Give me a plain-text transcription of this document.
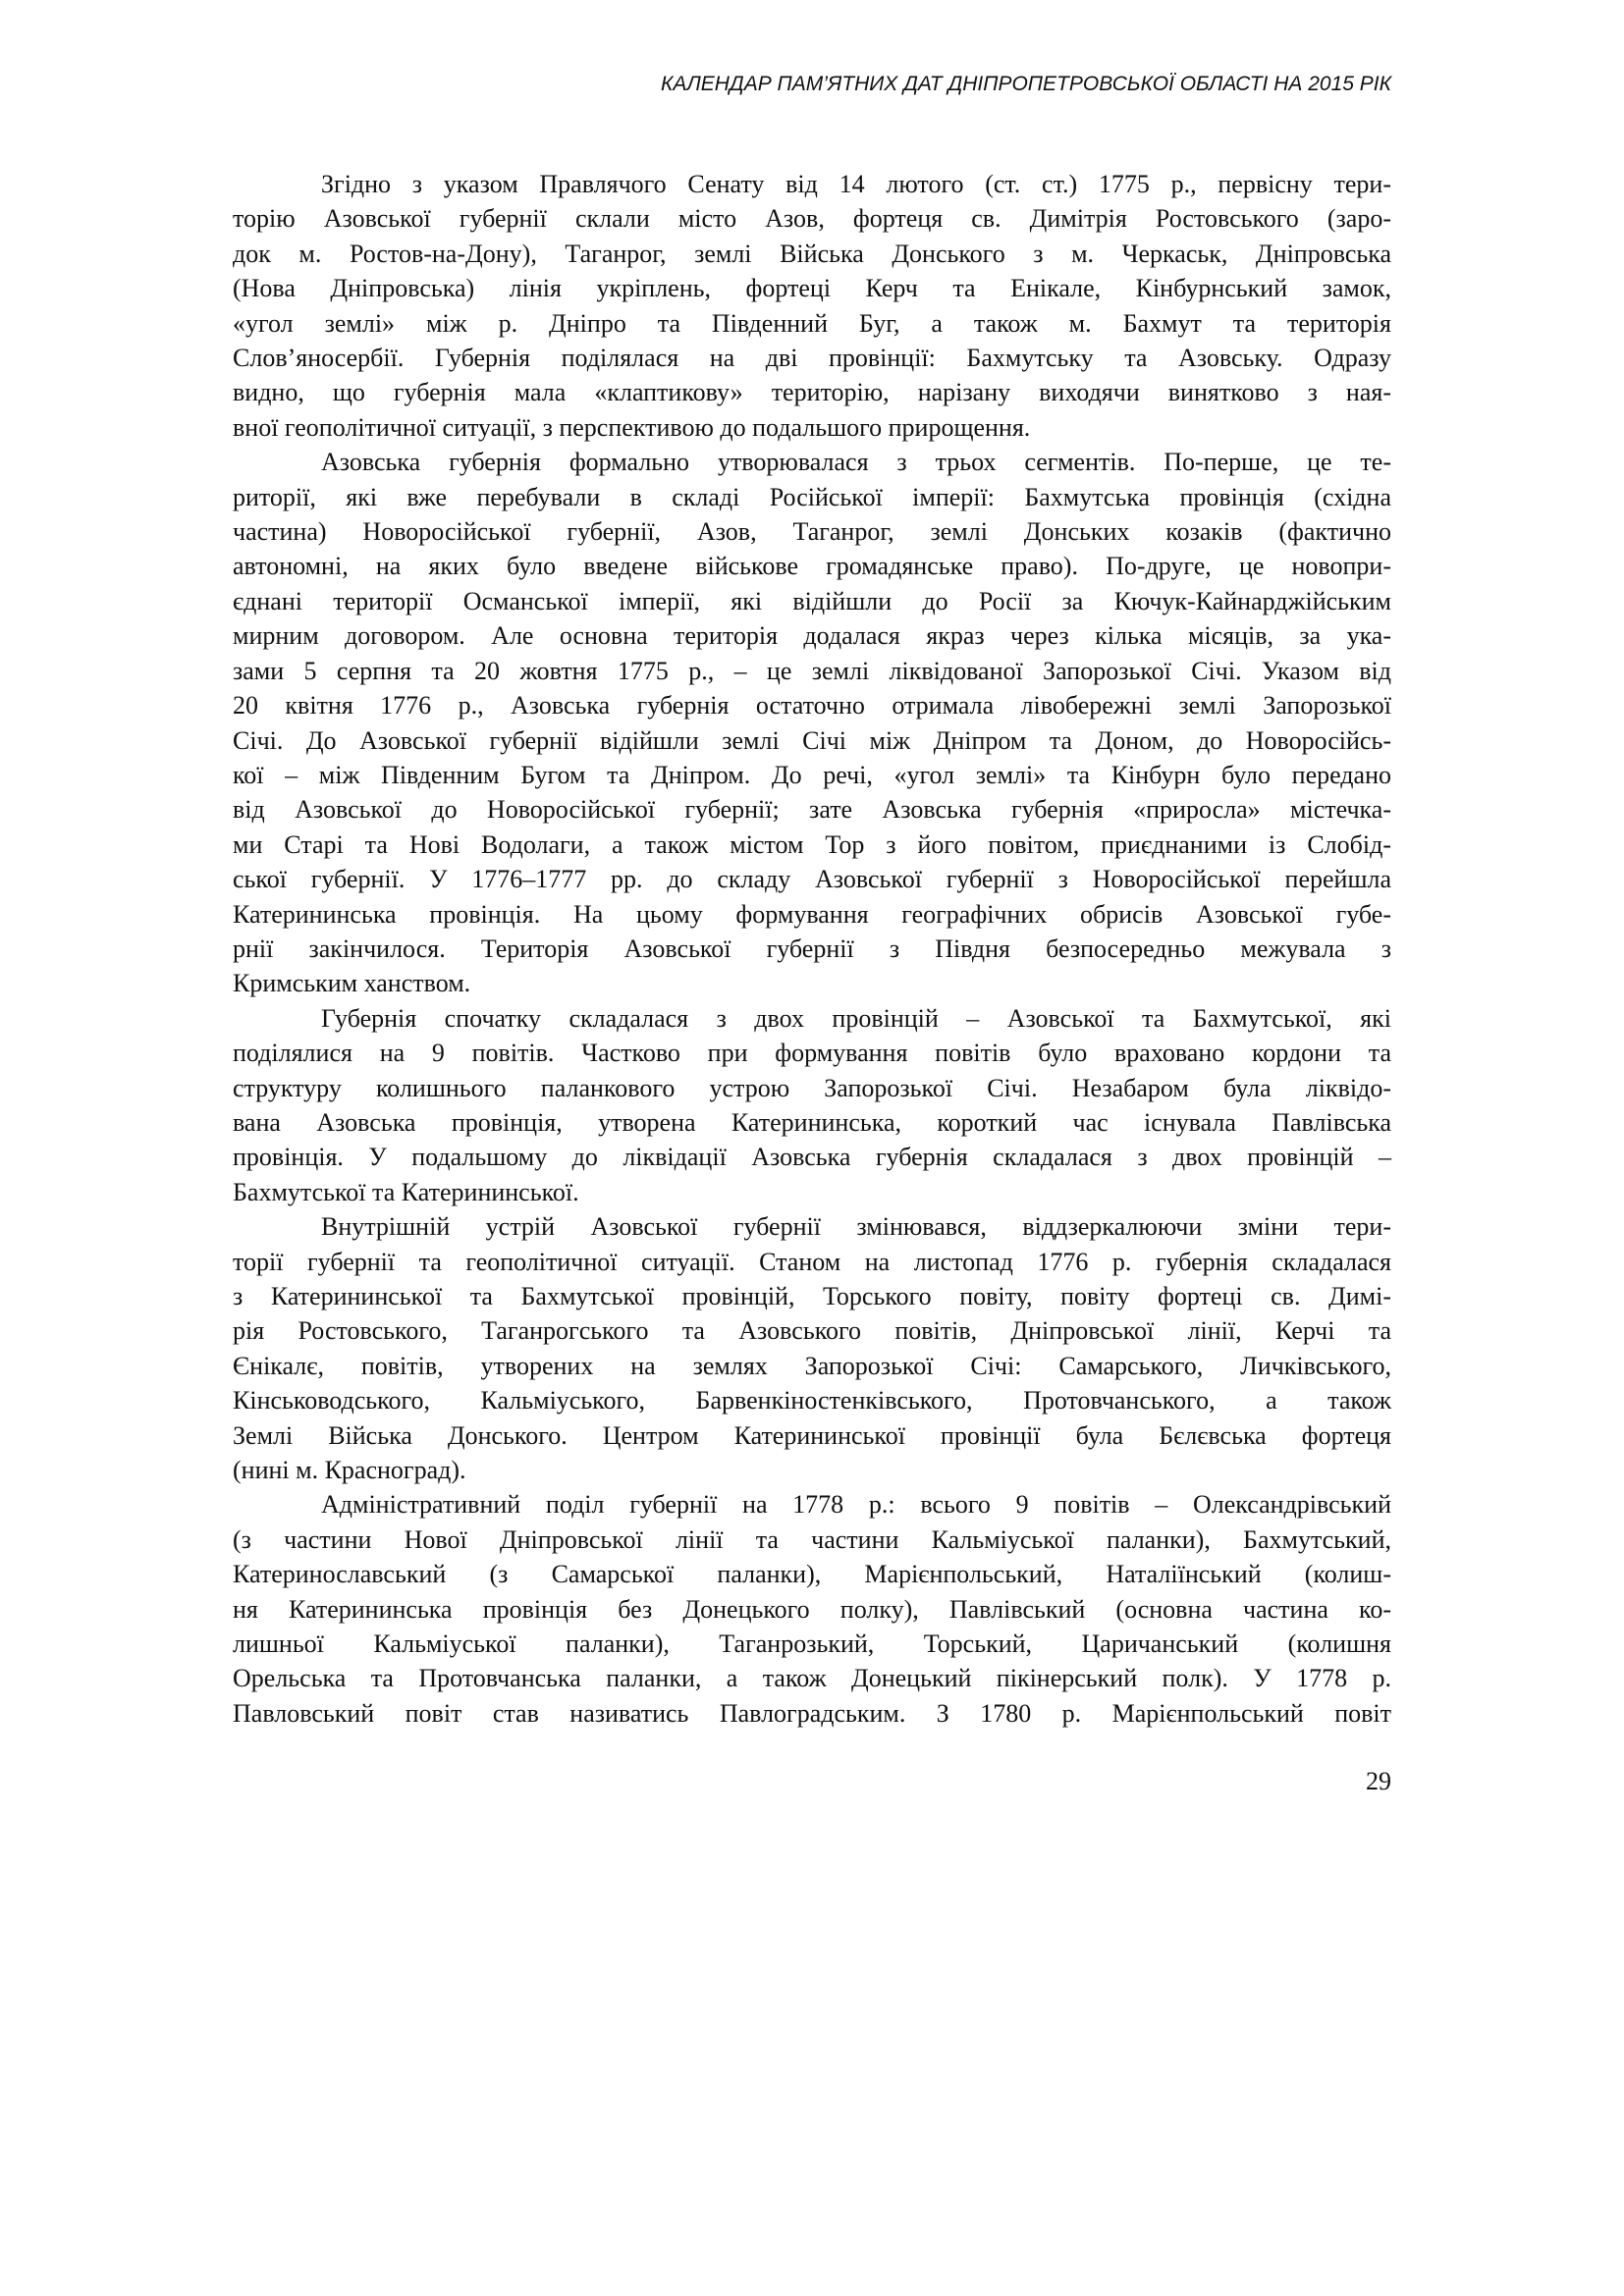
КАЛЕНДАР ПАМ’ЯТНИХ ДАТ ДНІПРОПЕТРОВСЬКОЇ ОБЛАСТІ НА 2015 РІК
Згідно з указом Правлячого Сенату від 14 лютого (ст. ст.) 1775 р., первісну тери-
торію Азовської губернії склали місто Азов, фортеця св. Димітрія Ростовського (заро-
док м. Ростов-на-Дону), Таганрог, землі Війська Донського з м. Черкаськ, Дніпровська
(Нова Дніпровська) лінія укріплень, фортеці Керч та Енікале, Кінбурнський замок,
«угол землі» між р. Дніпро та Південний Буг, а також м. Бахмут та територія
Слов’яносербії. Губернія поділялася на дві провінції: Бахмутську та Азовську. Одразу
видно, що губернія мала «клаптикову» територію, нарізану виходячи винятково з ная-
вної геополітичної ситуації, з перспективою до подальшого прирощення.
Азовська губернія формально утворювалася з трьох сегментів. По-перше, це те-
риторії, які вже перебували в складі Російської імперії: Бахмутська провінція (східна
частина) Новоросійської губернії, Азов, Таганрог, землі Донських козаків (фактично
автономні, на яких було введене військове громадянське право). По-друге, це новопри-
єднані території Османської імперії, які відійшли до Росії за Кючук-Кайнарджійським
мирним договором. Але основна територія додалася якраз через кілька місяців, за ука-
зами 5 серпня та 20 жовтня 1775 р., – це землі ліквідованої Запорозької Січі. Указом від
20 квітня 1776 р., Азовська губернія остаточно отримала лівобережні землі Запорозької
Січі. До Азовської губернії відійшли землі Січі між Дніпром та Доном, до Новоросійсь-
кої – між Південним Бугом та Дніпром. До речі, «угол землі» та Кінбурн було передано
від Азовської до Новоросійської губернії; зате Азовська губернія «приросла» містечка-
ми Старі та Нові Водолаги, а також містом Тор з його повітом, приєднаними із Слобід-
ської губернії. У 1776–1777 рр. до складу Азовської губернії з Новоросійської перейшла
Катерининська провінція. На цьому формування географічних обрисів Азовської губе-
рнії закінчилося. Територія Азовської губернії з Півдня безпосередньо межувала з
Кримським ханством.
Губернія спочатку складалася з двох провінцій – Азовської та Бахмутської, які
поділялися на 9 повітів. Частково при формування повітів було враховано кордони та
структуру колишнього паланкового устрою Запорозької Січі. Незабаром була ліквідо-
вана Азовська провінція, утворена Катерининська, короткий час існувала Павлівська
провінція. У подальшому до ліквідації Азовська губернія складалася з двох провінцій –
Бахмутської та Катерининської.
Внутрішній устрій Азовської губернії змінювався, віддзеркалюючи зміни тери-
торії губернії та геополітичної ситуації. Станом на листопад 1776 р. губернія складалася
з Катерининської та Бахмутської провінцій, Торського повіту, повіту фортеці св. Димі-
рія Ростовського, Таганрогського та Азовського повітів, Дніпровської лінії, Керчі та
Єнікалє, повітів, утворених на землях Запорозької Січі: Самарського, Личківського,
Кінсьководського, Кальміуського, Барвенкіностенківського, Протовчанського, а також
Землі Війська Донського. Центром Катерининської провінції була Бєлєвська фортеця
(нині м. Красноград).
Адміністративний поділ губернії на 1778 р.: всього 9 повітів – Олександрівський
(з частини Нової Дніпровської лінії та частини Кальміуської паланки), Бахмутський,
Катеринославський (з Самарської паланки), Марієнпольський, Наталіїнський (колиш-
ня Катерининська провінція без Донецького полку), Павлівський (основна частина ко-
лишньої Кальміуської паланки), Таганрозький, Торський, Царичанський (колишня
Орельська та Протовчанська паланки, а також Донецький пікінерський полк). У 1778 р.
Павловський повіт став називатись Павлоградським. З 1780 р. Марієнпольський повіт
29
